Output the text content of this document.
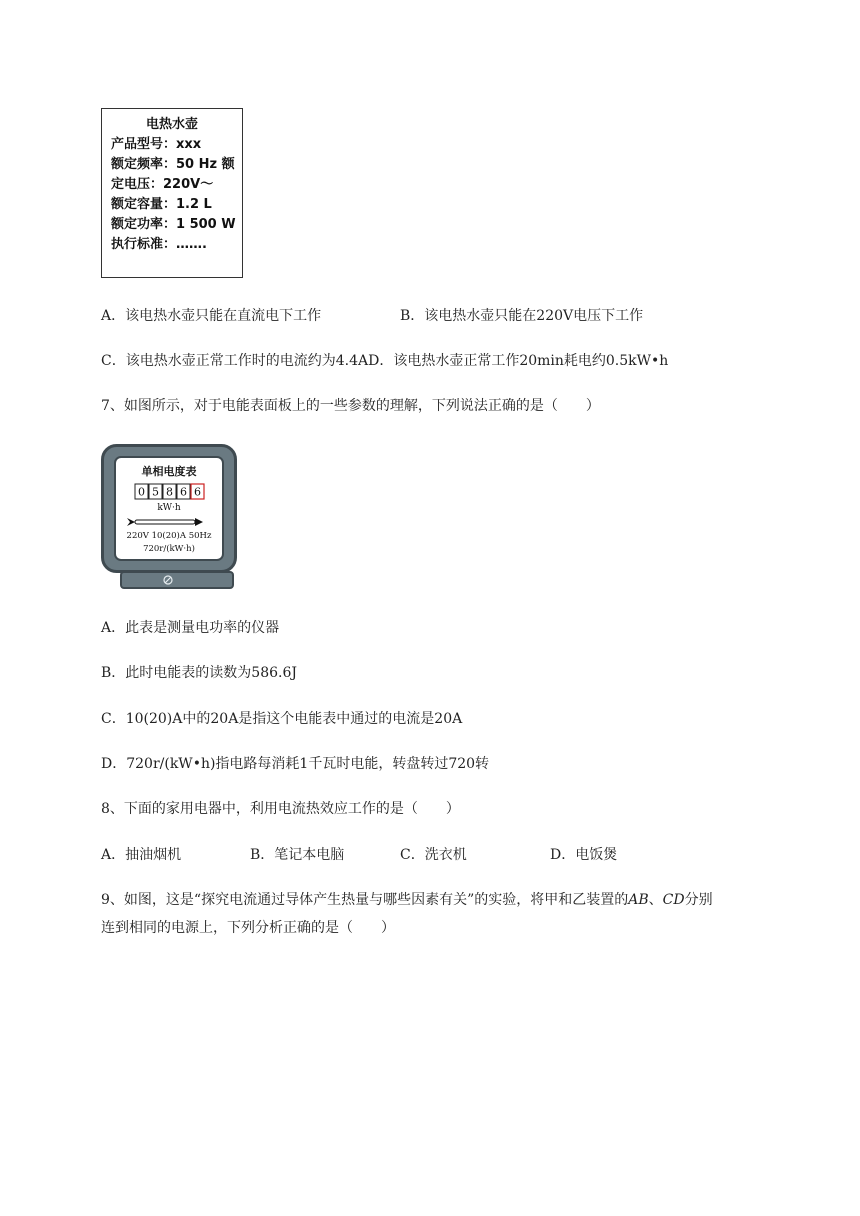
电热水壶
产品型号：xxx
额定频率：50 Hz 额
定电压：220V～
额定容量：1.2 L
额定功率：1 500 W
执行标准：…….
A．该电热水壶只能在直流电下工作	B．该电热水壶只能在220V电压下工作
C．该电热水壶正常工作时的电流约为4.4AD．该电热水壶正常工作20min耗电约0.5kW•h
7、如图所示，对于电能表面板上的一些参数的理解，下列说法正确的是（　　）
单相电度表
0 5 8 6 6
kW·h
220V 10(20)A 50Hz
720r/(kW·h)
A．此表是测量电功率的仪器
B．此时电能表的读数为586.6J
C．10(20)A中的20A是指这个电能表中通过的电流是20A
D．720r/(kW•h)指电路每消耗1千瓦时电能，转盘转过720转
8、下面的家用电器中，利用电流热效应工作的是（　　）
A．抽油烟机	B．笔记本电脑	C．洗衣机	D．电饭煲
9、如图，这是“探究电流通过导体产生热量与哪些因素有关”的实验，将甲和乙装置的AB、CD分别
连到相同的电源上，下列分析正确的是（　　）
